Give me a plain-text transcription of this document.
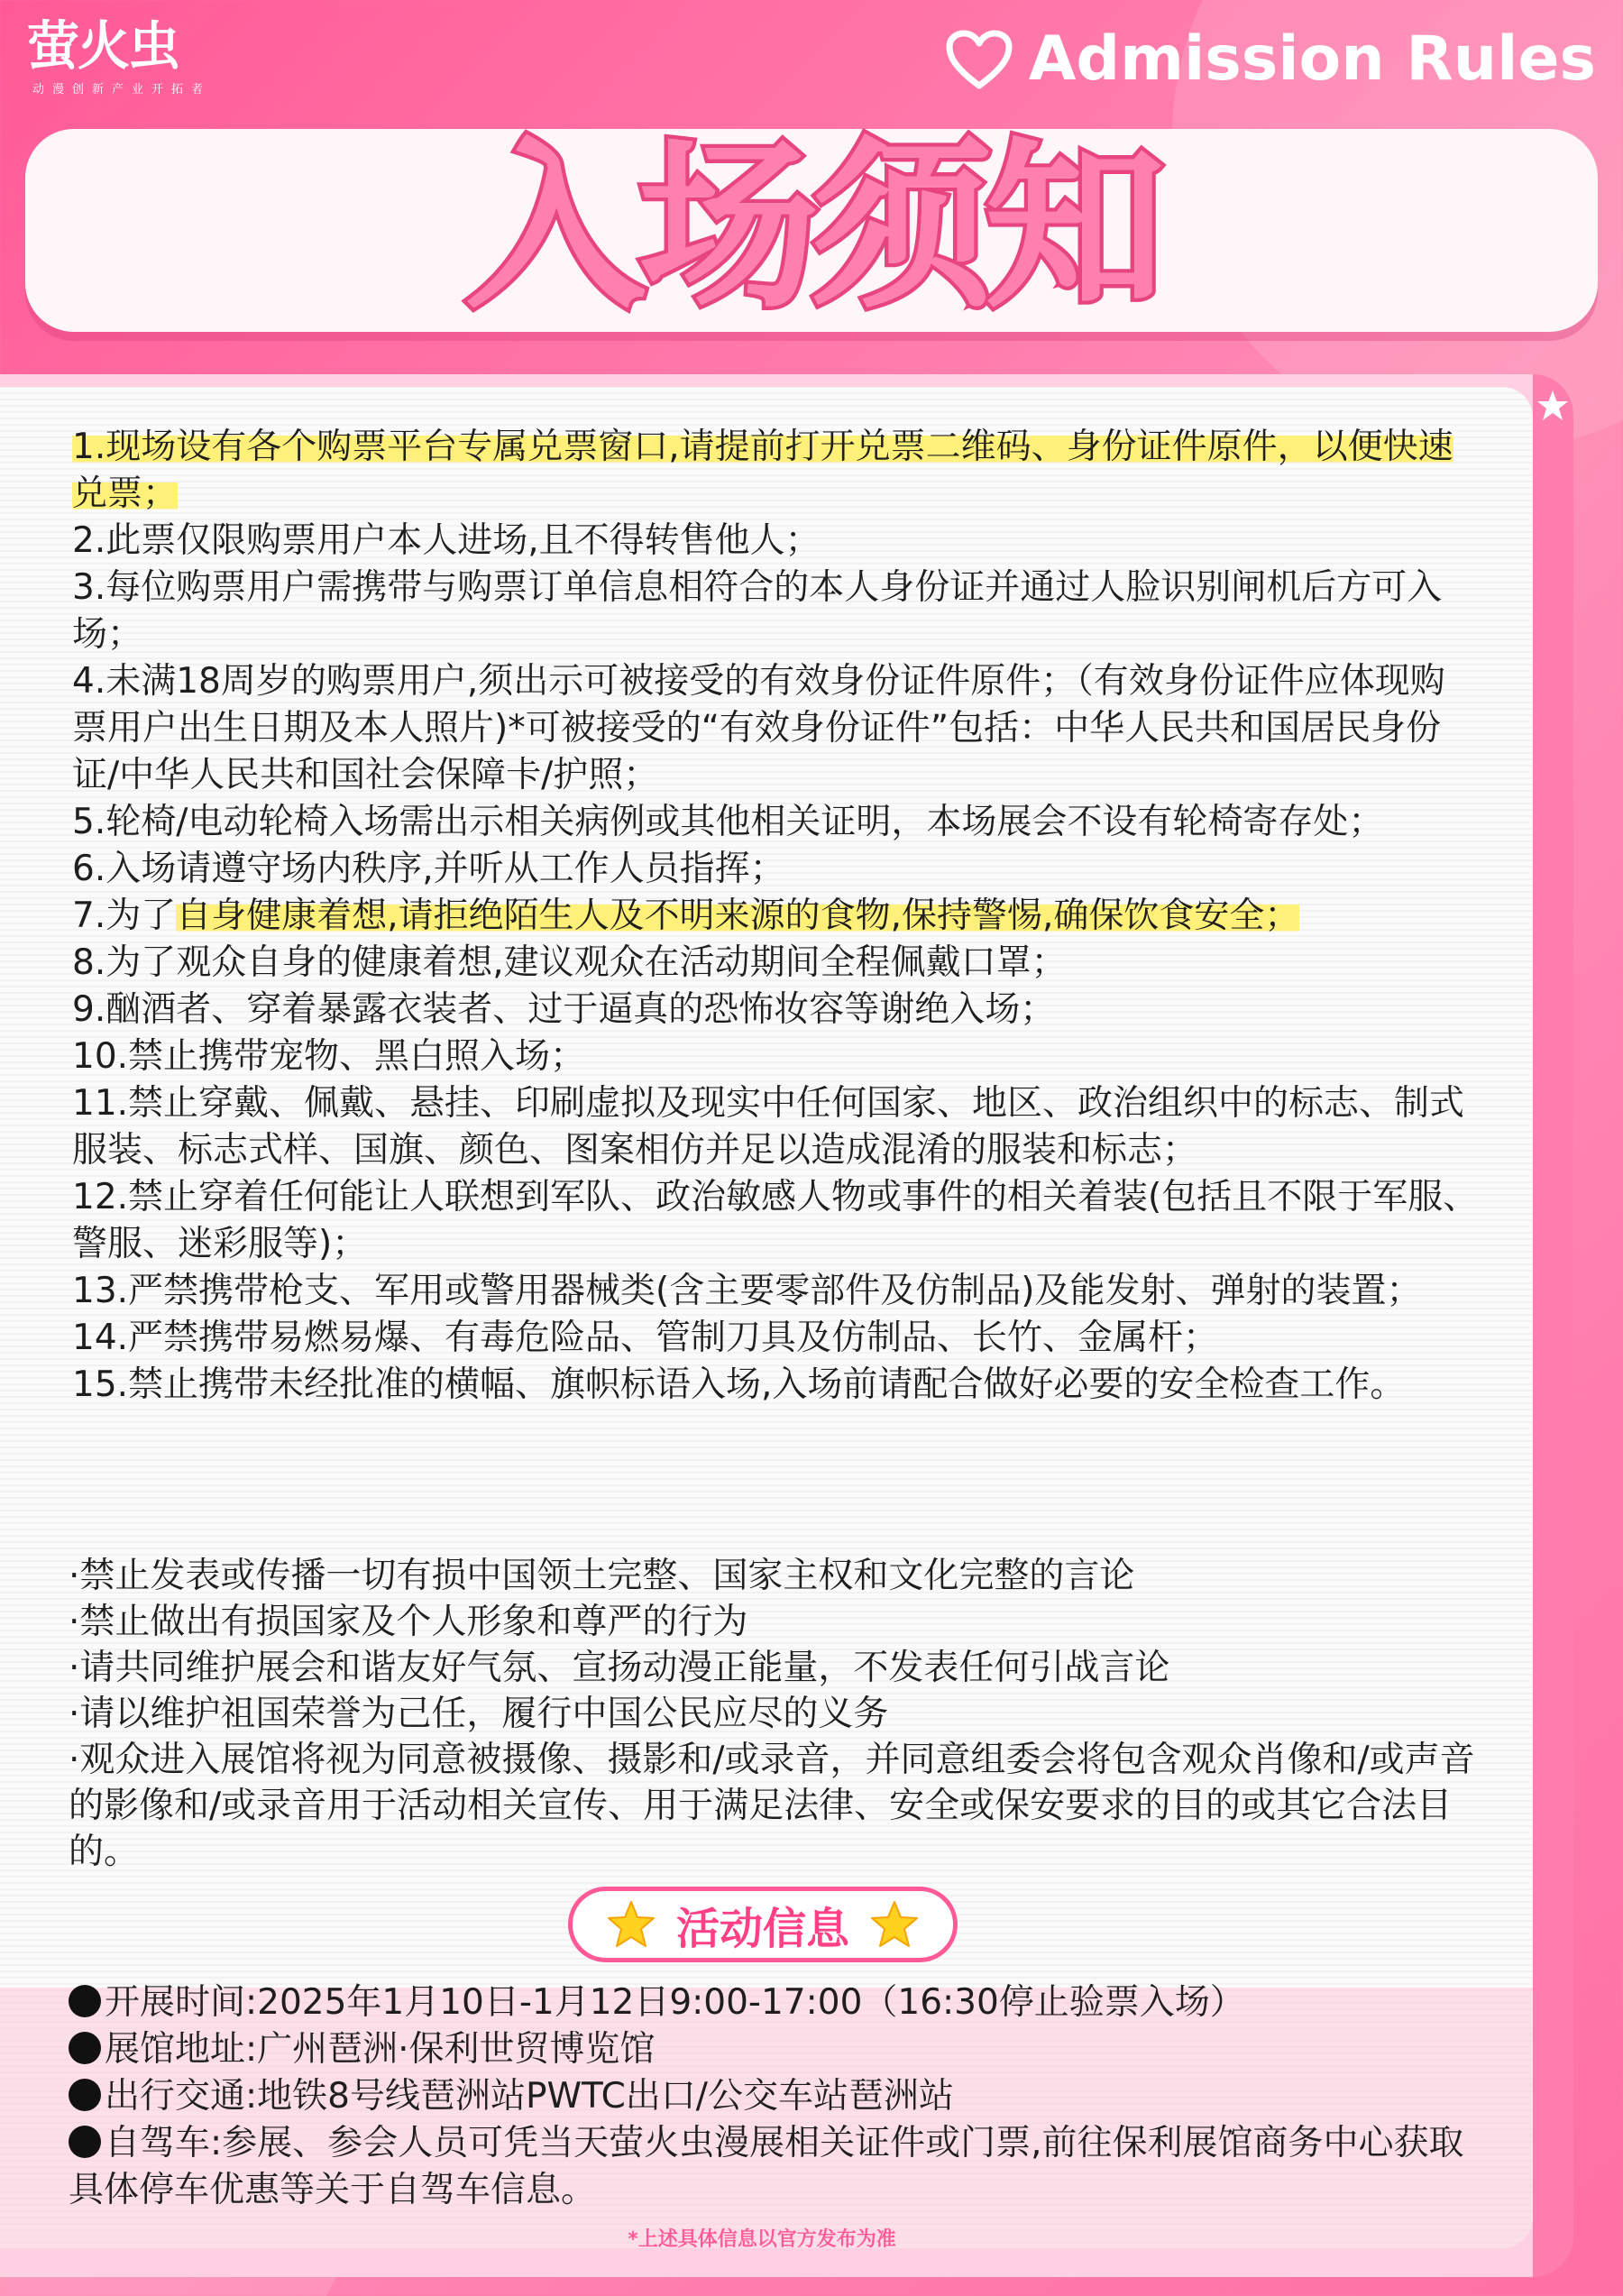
萤火虫
动漫创新产业开拓者	Admission Rules
入场须知
1.现场设有各个购票平台专属兑票窗口,请提前打开兑票二维码、身份证件原件，以便快速兑票；
2.此票仅限购票用户本人进场,且不得转售他人；
3.每位购票用户需携带与购票订单信息相符合的本人身份证并通过人脸识别闸机后方可入场；
4.未满18周岁的购票用户,须出示可被接受的有效身份证件原件；（有效身份证件应体现购票用户出生日期及本人照片)*可被接受的“有效身份证件”包括：中华人民共和国居民身份证/中华人民共和国社会保障卡/护照；
5.轮椅/电动轮椅入场需出示相关病例或其他相关证明，本场展会不设有轮椅寄存处；
6.入场请遵守场内秩序,并听从工作人员指挥；
7.为了自身健康着想,请拒绝陌生人及不明来源的食物,保持警惕,确保饮食安全；
8.为了观众自身的健康着想,建议观众在活动期间全程佩戴口罩；
9.酗酒者、穿着暴露衣装者、过于逼真的恐怖妆容等谢绝入场；
10.禁止携带宠物、黑白照入场；
11.禁止穿戴、佩戴、悬挂、印刷虚拟及现实中任何国家、地区、政治组织中的标志、制式服装、标志式样、国旗、颜色、图案相仿并足以造成混淆的服装和标志；
12.禁止穿着任何能让人联想到军队、政治敏感人物或事件的相关着装(包括且不限于军服、警服、迷彩服等)；
13.严禁携带枪支、军用或警用器械类(含主要零部件及仿制品)及能发射、弹射的装置；
14.严禁携带易燃易爆、有毒危险品、管制刀具及仿制品、长竹、金属杆；
15.禁止携带未经批准的横幅、旗帜标语入场,入场前请配合做好必要的安全检查工作。
·禁止发表或传播一切有损中国领土完整、国家主权和文化完整的言论
·禁止做出有损国家及个人形象和尊严的行为
·请共同维护展会和谐友好气氛、宣扬动漫正能量，不发表任何引战言论
·请以维护祖国荣誉为己任，履行中国公民应尽的义务
·观众进入展馆将视为同意被摄像、摄影和/或录音，并同意组委会将包含观众肖像和/或声音的影像和/或录音用于活动相关宣传、用于满足法律、安全或保安要求的目的或其它合法目的。
活动信息
开展时间:2025年1月10日-1月12日9:00-17:00（16:30停止验票入场）
展馆地址:广州琶洲·保利世贸博览馆
出行交通:地铁8号线琶洲站PWTC出口/公交车站琶洲站
自驾车:参展、参会人员可凭当天萤火虫漫展相关证件或门票,前往保利展馆商务中心获取具体停车优惠等关于自驾车信息。
*上述具体信息以官方发布为准
